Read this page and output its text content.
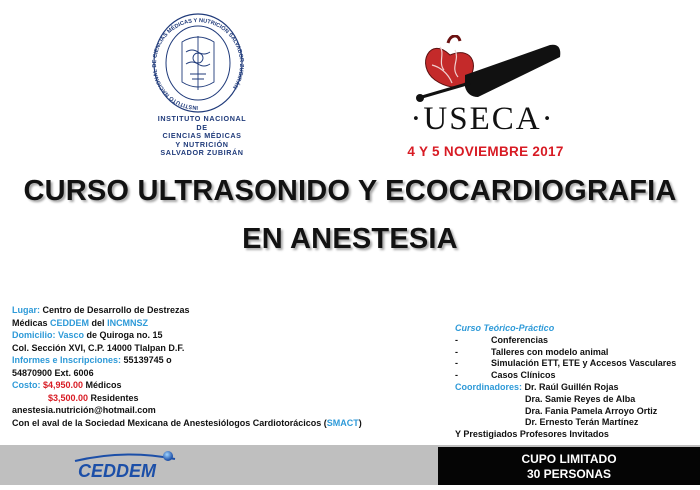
INSTITUTO NACIONAL DE CIENCIAS MÉDICAS Y NUTRICIÓN SALVADOR ZUBIRÁN
INSTITUTO NACIONAL DE
CIENCIAS MÉDICAS
Y NUTRICIÓN
SALVADOR ZUBIRÁN
·USECA·
4 Y 5 NOVIEMBRE 2017
CURSO ULTRASONIDO Y ECOCARDIOGRAFIA
EN ANESTESIA
Lugar: Centro de Desarrollo de Destrezas
Médicas CEDDEM del INCMNSZ
Domicilio: Vasco de Quiroga no. 15
Col. Sección XVI, C.P. 14000 Tlalpan D.F.
Informes e Inscripciones: 55139745 o
54870900 Ext. 6006
Costo: $4,950.00 Médicos
$3,500.00 Residentes
anestesia.nutrición@hotmail.com
Con el aval de la Sociedad Mexicana de Anestesiólogos Cardiotorácicos (SMACT)
Curso Teórico-Práctico
-	Conferencias
-	Talleres con modelo animal
-	Simulación ETT, ETE y Accesos Vasculares
-	Casos Clínicos
Coordinadores: Dr. Raúl Guillén Rojas
Dra. Samie Reyes de Alba
Dra. Fania Pamela Arroyo Ortiz
Dr. Ernesto Terán Martínez
Y Prestigiados Profesores Invitados
CEDDEM
CUPO LIMITADO
30 PERSONAS
